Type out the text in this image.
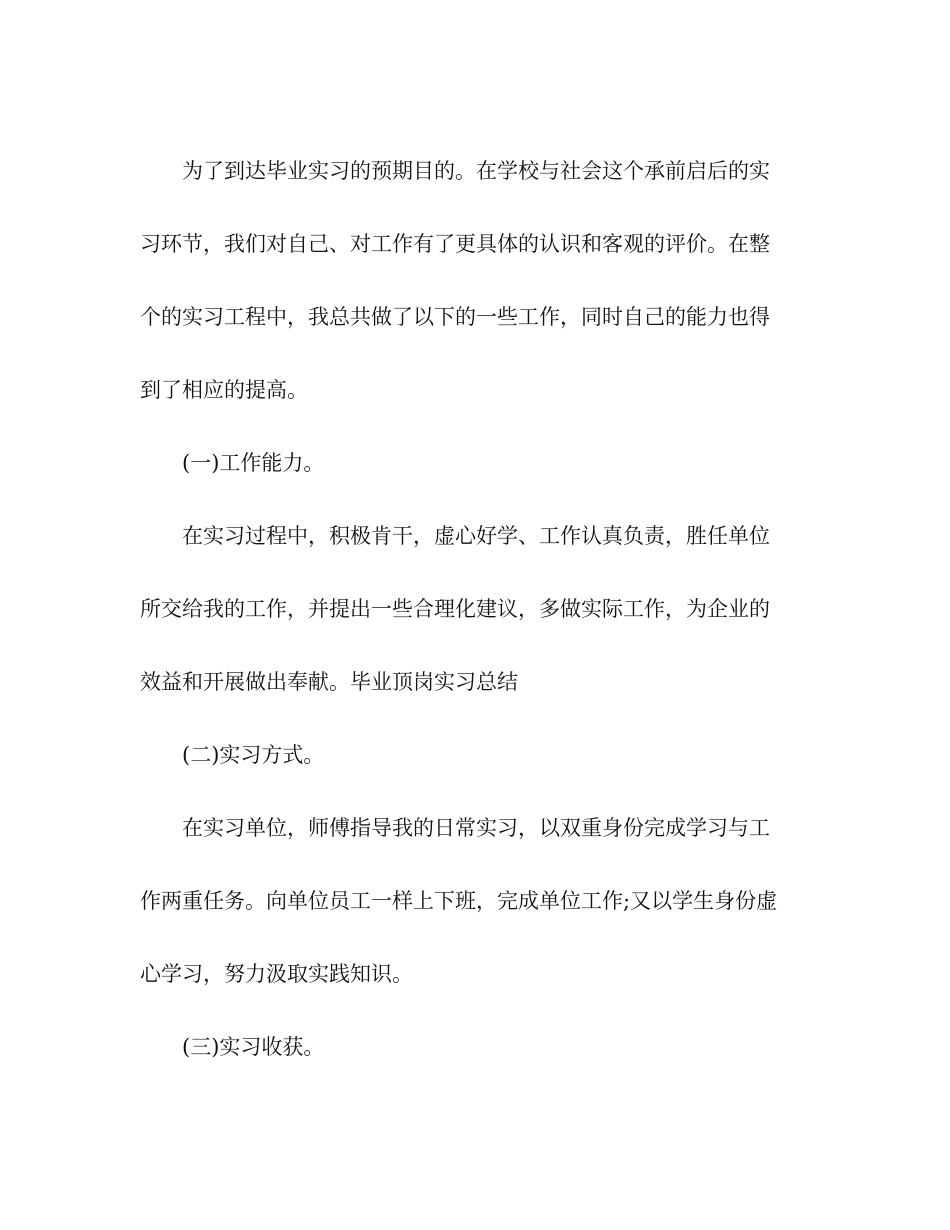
为了到达毕业实习的预期目的。在学校与社会这个承前启后的实
习环节，我们对自己、对工作有了更具体的认识和客观的评价。在整
个的实习工程中，我总共做了以下的一些工作，同时自己的能力也得
到了相应的提高。

(一)工作能力。

在实习过程中，积极肯干，虚心好学、工作认真负责，胜任单位
所交给我的工作，并提出一些合理化建议，多做实际工作，为企业的
效益和开展做出奉献。毕业顶岗实习总结

(二)实习方式。

在实习单位，师傅指导我的日常实习，以双重身份完成学习与工
作两重任务。向单位员工一样上下班，完成单位工作;又以学生身份虚
心学习，努力汲取实践知识。

(三)实习收获。
